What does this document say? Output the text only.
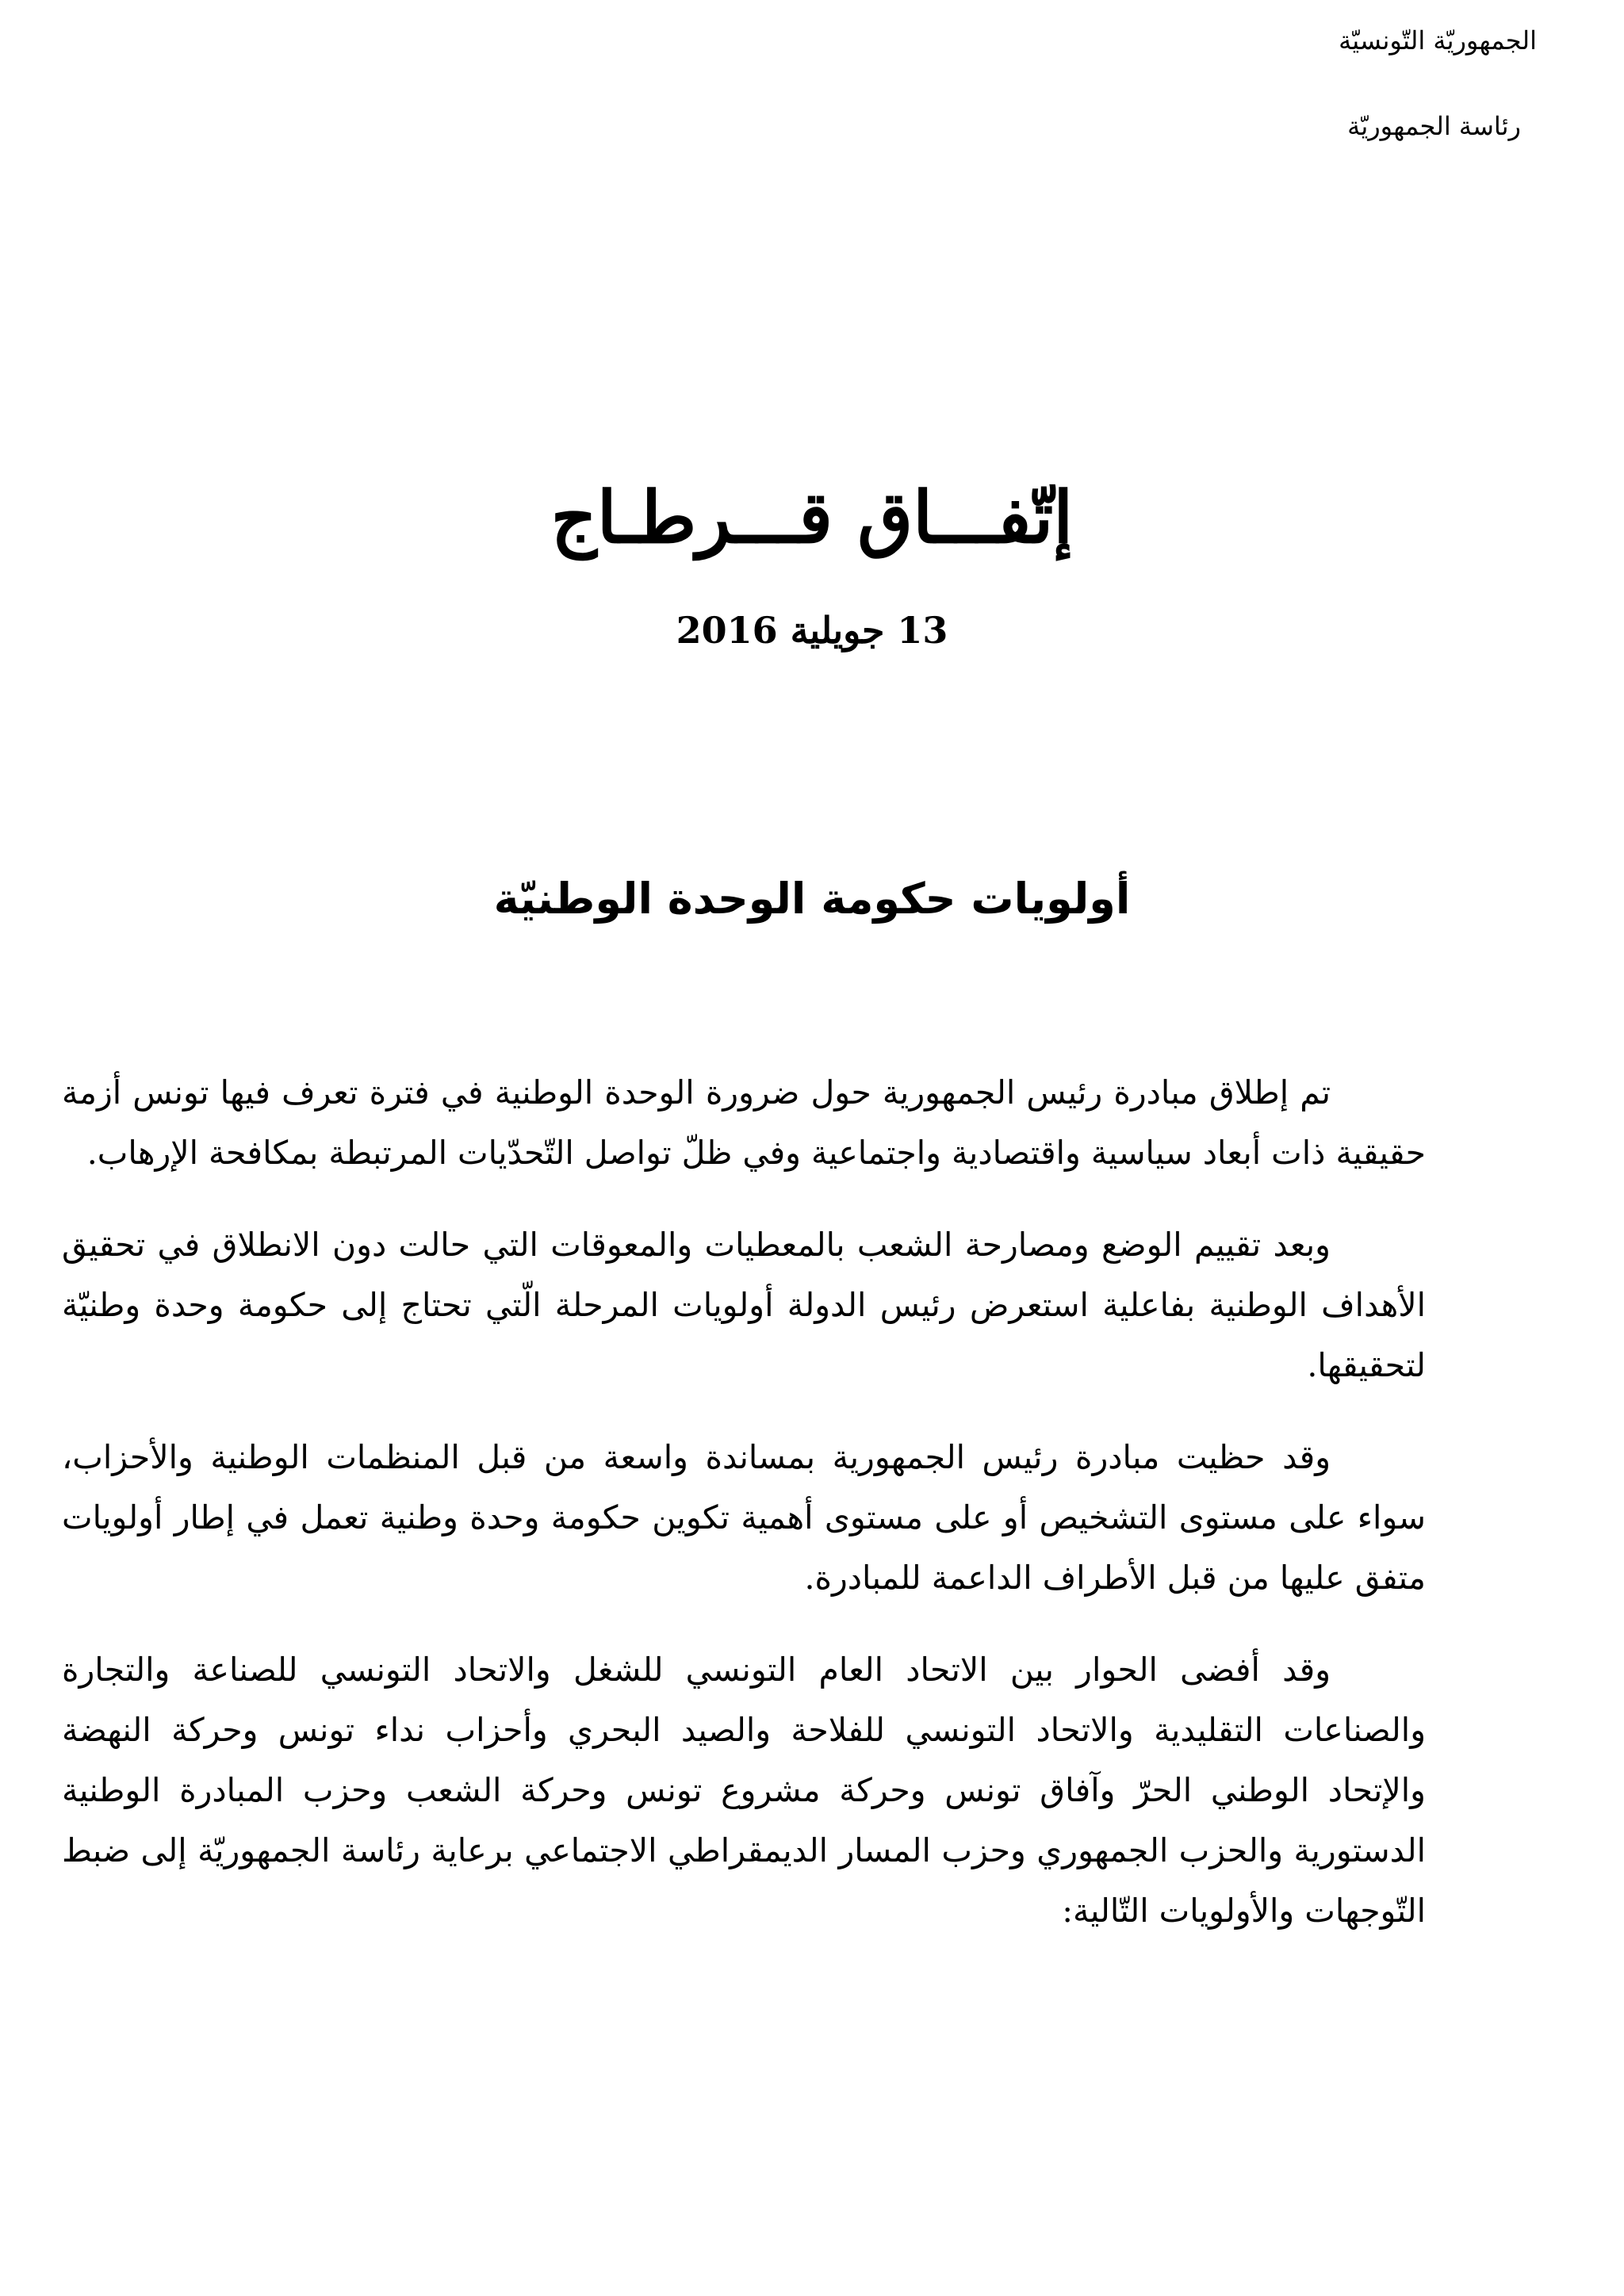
الجمهوريّة التّونسيّة
رئاسة الجمهوريّة
إتّفـــاق قـــرطـاج
13 جويلية 2016
أولويات حكومة الوحدة الوطنيّة

تم إطلاق مبادرة رئيس الجمهورية حول ضرورة الوحدة الوطنية في فترة تعرف فيها تونس أزمة حقيقية ذات أبعاد سياسية واقتصادية واجتماعية وفي ظلّ تواصل التّحدّيات المرتبطة بمكافحة الإرهاب.

وبعد تقييم الوضع ومصارحة الشعب بالمعطيات والمعوقات التي حالت دون الانطلاق في تحقيق الأهداف الوطنية بفاعلية استعرض رئيس الدولة أولويات المرحلة الّتي تحتاج إلى حكومة وحدة وطنيّة لتحقيقها.

وقد حظيت مبادرة رئيس الجمهورية بمساندة واسعة من قبل المنظمات الوطنية والأحزاب، سواء على مستوى التشخيص أو على مستوى أهمية تكوين حكومة وحدة وطنية تعمل في إطار أولويات متفق عليها من قبل الأطراف الداعمة للمبادرة.

وقد أفضى الحوار بين الاتحاد العام التونسي للشغل والاتحاد التونسي للصناعة والتجارة والصناعات التقليدية والاتحاد التونسي للفلاحة والصيد البحري وأحزاب نداء تونس وحركة النهضة والإتحاد الوطني الحرّ وآفاق تونس وحركة مشروع تونس وحركة الشعب وحزب المبادرة الوطنية الدستورية والحزب الجمهوري وحزب المسار الديمقراطي الاجتماعي برعاية رئاسة الجمهوريّة إلى ضبط التّوجهات والأولويات التّالية:
